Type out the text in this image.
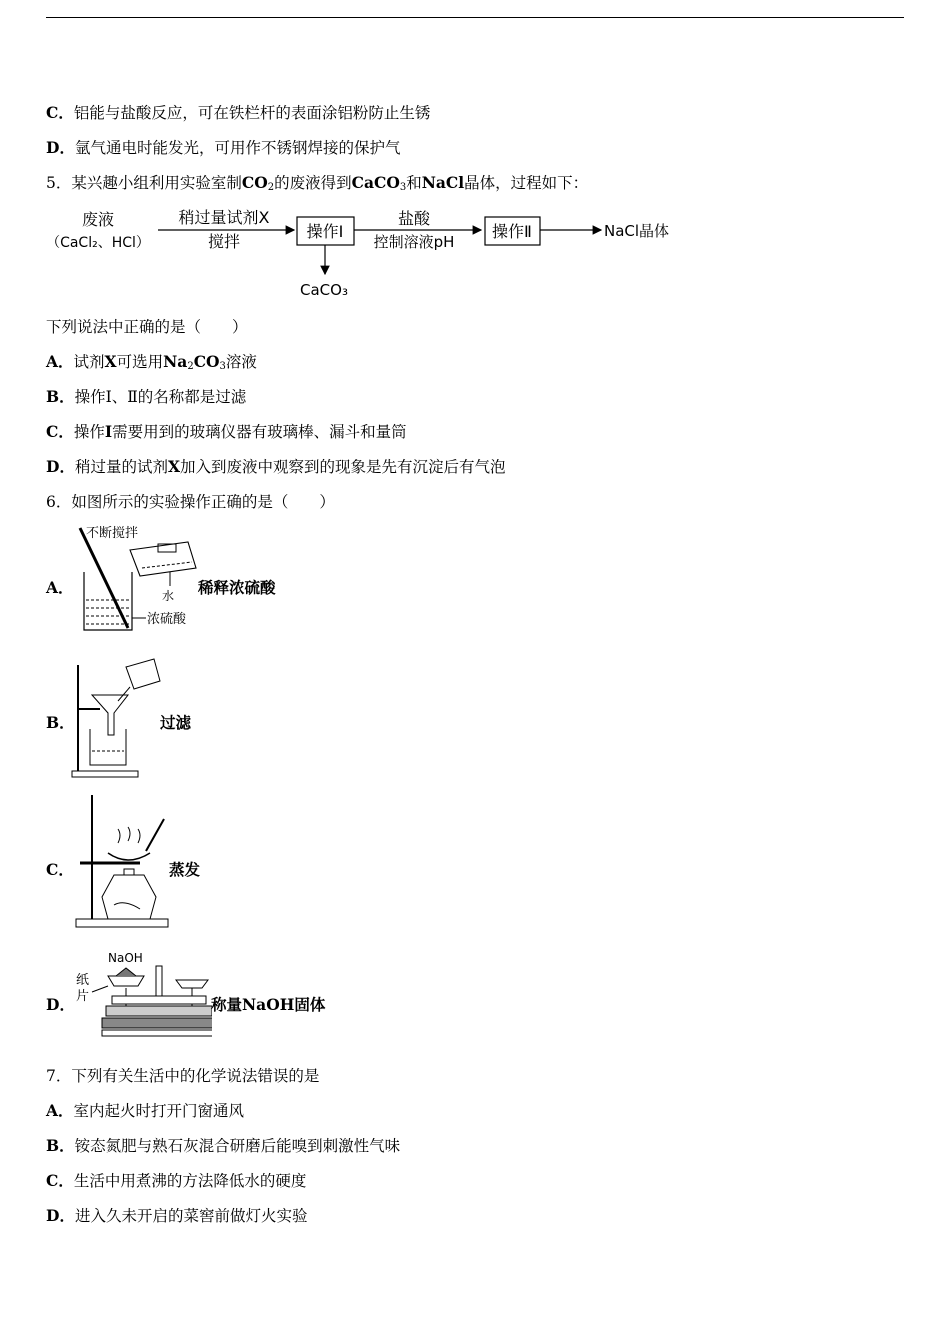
C．铝能与盐酸反应，可在铁栏杆的表面涂铝粉防止生锈
D．氩气通电时能发光，可用作不锈钢焊接的保护气
5．某兴趣小组利用实验室制$CO_2$的废液得到CaCO$_3$和NaCl晶体，过程如下：
废液
（CaCl₂、HCl）
稍过量试剂X
搅拌
操作Ⅰ
盐酸
控制溶液pH
操作Ⅱ	NaCl晶体
CaCO₃
下列说法中正确的是（　　）
A．试剂X可选用$Na_2CO_3$溶液
B．操作Ⅰ、Ⅱ的名称都是过滤
C．操作I需要用到的玻璃仪器有玻璃棒、漏斗和量筒
D．稍过量的试剂X加入到废液中观察到的现象是先有沉淀后有气泡
6．如图所示的实验操作正确的是（　　）
A．
不断搅拌
水
浓硫酸
稀释浓硫酸
B．	过滤
C．	蒸发
D．
NaOH
纸
片	称量NaOH固体
7．下列有关生活中的化学说法错误的是
A．室内起火时打开门窗通风
B．铵态氮肥与熟石灰混合研磨后能嗅到刺激性气味
C．生活中用煮沸的方法降低水的硬度
D．进入久未开启的菜窖前做灯火实验
